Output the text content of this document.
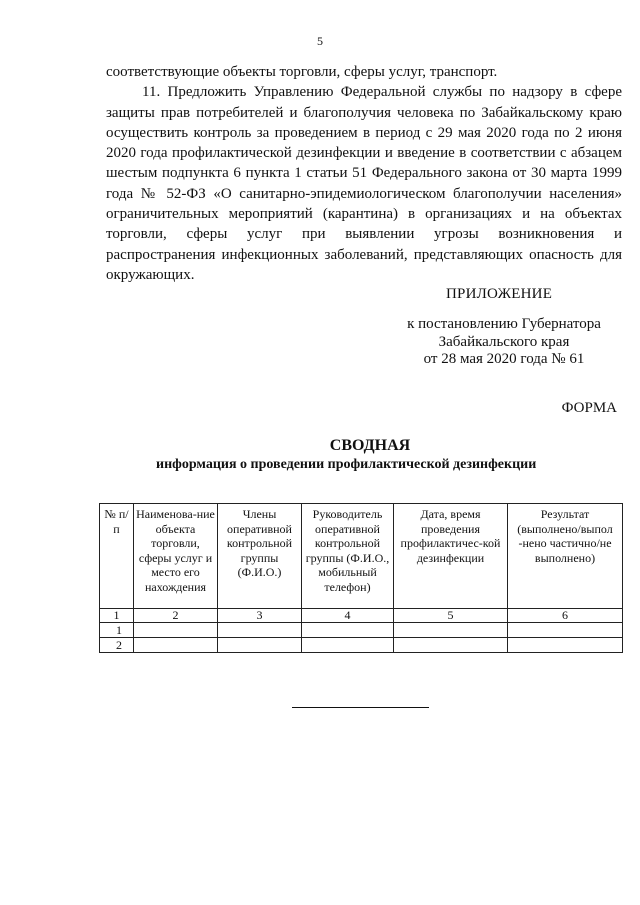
5

соответствующие объекты торговли, сферы услуг, транспорт.

11. Предложить Управлению Федеральной службы по надзору в сфере защиты прав потребителей и благополучия человека по Забайкальскому краю осуществить контроль за проведением в период с 29 мая 2020 года по 2 июня 2020 года профилактической дезинфекции и введение в соответствии с абзацем шестым подпункта 6 пункта 1 статьи 51 Федерального закона от 30 марта 1999 года № 52-ФЗ «О санитарно-эпидемиологическом благополучии населения» ограничительных мероприятий (карантина) в организациях и на объектах торговли, сферы услуг при выявлении угрозы возникновения и распространения инфекционных заболеваний, представляющих опасность для окружающих.

ПРИЛОЖЕНИЕ
к постановлению Губернатора
Забайкальского края
от 28 мая 2020 года № 61
ФОРМА
СВОДНАЯ
информация о проведении профилактической дезинфекции
№ п/п	Наименова-ние объекта торговли, сферы услуг и место его нахождения	Члены оперативной контрольной группы (Ф.И.О.)	Руководитель оперативной контрольной группы (Ф.И.О., мобильный телефон)	Дата, время проведения профилактичес-кой дезинфекции	Результат (выполнено/выпол -нено частично/не выполнено)
1	2	3	4	5	6
1					
2					
